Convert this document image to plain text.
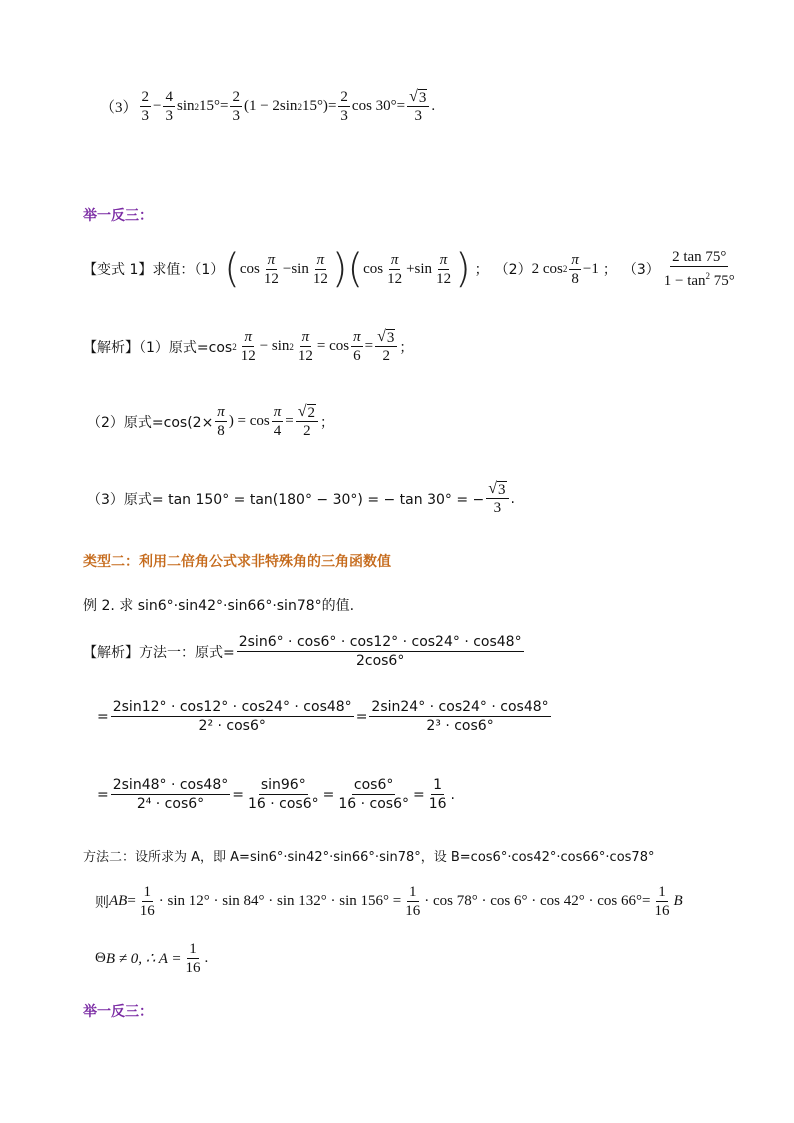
$(3) \frac{2}{3} - \frac{4}{3}$ sin 2 $15^\circ = \frac{2}{3} (1 - 2\sin$ 2 $15^\circ) = \frac{2}{3}$ $\cos 30^\circ = \frac{√ 3}{3}$ .
举一反三：
【变式 1】求值：（1） ( $\cos \frac{\pi}{12} - \sin \frac{\pi}{12}$ )( $\cos \frac{\pi}{12} + \sin \frac{\pi}{12}$ ) ； （2） 2 $\cos 2 \frac{\pi}{8} -1$ ； $(3) \frac{2 \tan 75^\circ}{1 - \tan^2 75^\circ}$
【解析】（1）原式=cos $2 \frac{\pi}{12} - \sin 2 \frac{\pi}{12} = \cos \frac{\pi}{6} = \frac{√ 3}{2}$ ；
（2）原式$=\cos(2\times \frac{\pi}{8}$ ) = $\cos \frac{\pi}{4} = \frac{√ 2}{2}$ ；
（3）原式= tan 150° = tan(180° − 30°) = − tan 30° = − $\frac{√ 3}{3}$ .
类型二：利用二倍角公式求非特殊角的三角函数值
例 2. 求 sin6°·sin42°·sin66°·sin78°的值.
【解析】方法一：原式= $\frac{2\sin 6^\circ \cdot \cos 6^\circ \cdot \cos 12^\circ \cdot \cos 24^\circ \cdot \cos 48^\circ}{2\cos 6^\circ}$
= $\frac{2\sin 12^\circ \cdot \cos 12^\circ \cdot \cos 24^\circ \cdot \cos 48^\circ}{\text{2² · cos6°}} = \frac{2\sin 24^\circ \cdot \cos 24^\circ \cdot \cos 48^\circ}{\text{2³ · cos6°}}$
= $\frac{2\sin 48^\circ \cdot \cos 48^\circ}{\text{2⁴ · cos6°}} = \frac{\sin 96^\circ}{16 \cdot \cos 6^\circ} = \frac{\cos 6^\circ}{16 \cdot \cos 6^\circ} = \frac{1}{16}$ .
方法二：设所求为 A，即 A=sin6°·sin42°·sin66°·sin78°，设 B=cos6°·cos42°·cos66°·cos78°
则 AB = $\frac{1}{16} \cdot \sin 12^\circ \cdot \sin 84^\circ \cdot \sin 132^\circ \cdot \sin 156^\circ = \frac{1}{16} \cdot \cos 78^\circ \cdot \cos 6^\circ \cdot \cos 42^\circ \cdot \cos 66^\circ= \frac{1}{16}$ B
Θ B ≠ 0, ∴ $A = \frac{1}{16}$ .
举一反三：
